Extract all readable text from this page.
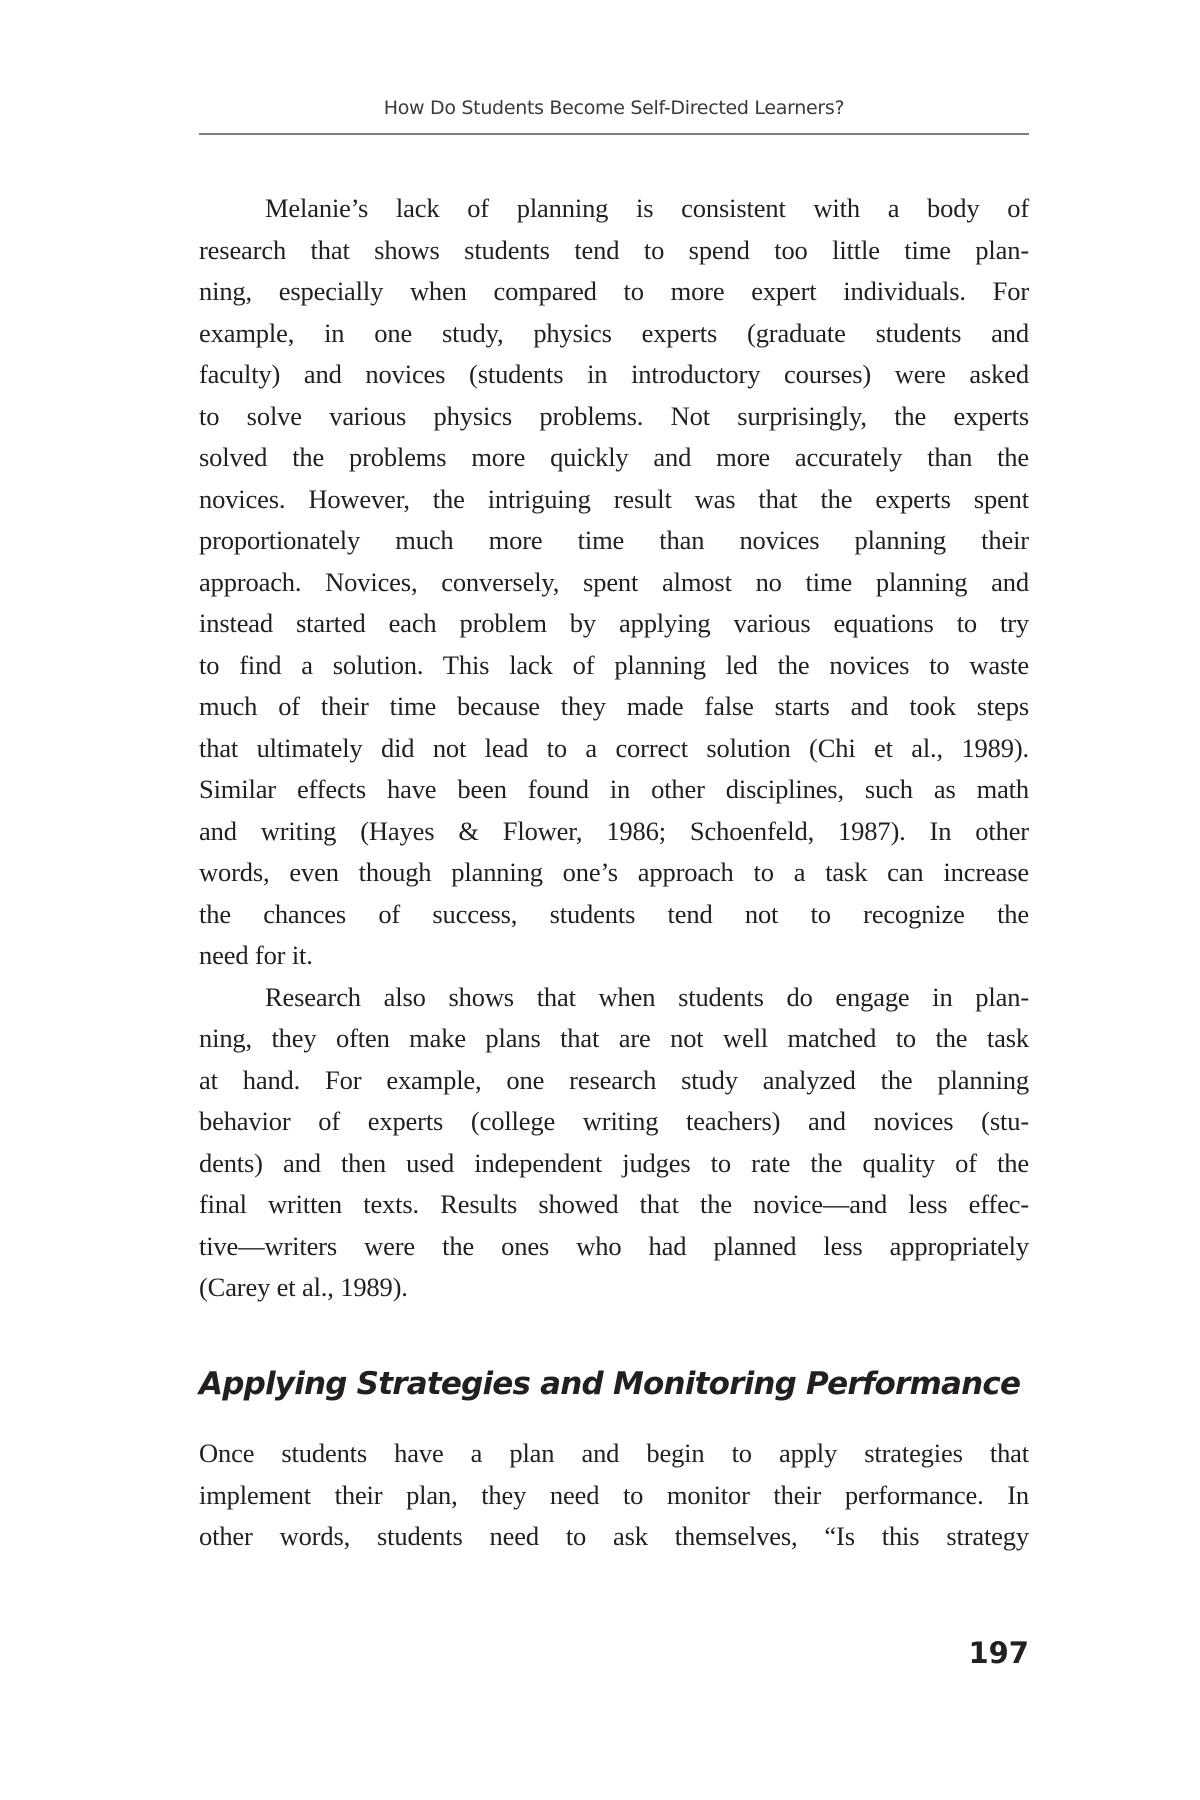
How Do Students Become Self-Directed Learners?
Melanie’s lack of planning is consistent with a body of
research that shows students tend to spend too little time plan-
ning, especially when compared to more expert individuals. For
example, in one study, physics experts (graduate students and
faculty) and novices (students in introductory courses) were asked
to solve various physics problems. Not surprisingly, the experts
solved the problems more quickly and more accurately than the
novices. However, the intriguing result was that the experts spent
proportionately much more time than novices planning their
approach. Novices, conversely, spent almost no time planning and
instead started each problem by applying various equations to try
to find a solution. This lack of planning led the novices to waste
much of their time because they made false starts and took steps
that ultimately did not lead to a correct solution (Chi et al., 1989).
Similar effects have been found in other disciplines, such as math
and writing (Hayes & Flower, 1986; Schoenfeld, 1987). In other
words, even though planning one’s approach to a task can increase
the chances of success, students tend not to recognize the
need for it.
Research also shows that when students do engage in plan-
ning, they often make plans that are not well matched to the task
at hand. For example, one research study analyzed the planning
behavior of experts (college writing teachers) and novices (stu-
dents) and then used independent judges to rate the quality of the
final written texts. Results showed that the novice—and less effec-
tive—writers were the ones who had planned less appropriately
(Carey et al., 1989).
Applying Strategies and Monitoring Performance
Once students have a plan and begin to apply strategies that
implement their plan, they need to monitor their performance. In
other words, students need to ask themselves, “Is this strategy
197
